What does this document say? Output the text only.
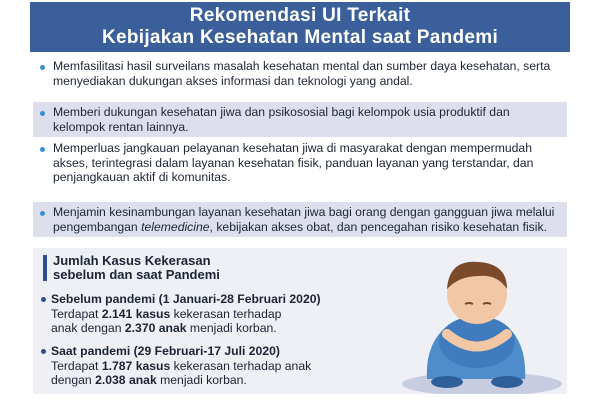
Rekomendasi UI Terkait
Kebijakan Kesehatan Mental saat Pandemi
Memfasilitasi hasil surveilans masalah kesehatan mental dan sumber daya kesehatan, serta menyediakan dukungan akses informasi dan teknologi yang andal.
Memberi dukungan kesehatan jiwa dan psikososial bagi kelompok usia produktif dan kelompok rentan lainnya.
Memperluas jangkauan pelayanan kesehatan jiwa di masyarakat dengan mempermudah akses, terintegrasi dalam layanan kesehatan fisik, panduan layanan yang terstandar, dan penjangkauan aktif di komunitas.
Menjamin kesinambungan layanan kesehatan jiwa bagi orang dengan gangguan jiwa melalui pengembangan telemedicine, kebijakan akses obat, dan pencegahan risiko kesehatan fisik.
Jumlah Kasus Kekerasan
sebelum dan saat Pandemi
Sebelum pandemi (1 Januari-28 Februari 2020)
Terdapat 2.141 kasus kekerasan terhadap
anak dengan 2.370 anak menjadi korban.
Saat pandemi (29 Februari-17 Juli 2020)
Terdapat 1.787 kasus kekerasan terhadap anak
dengan 2.038 anak menjadi korban.
